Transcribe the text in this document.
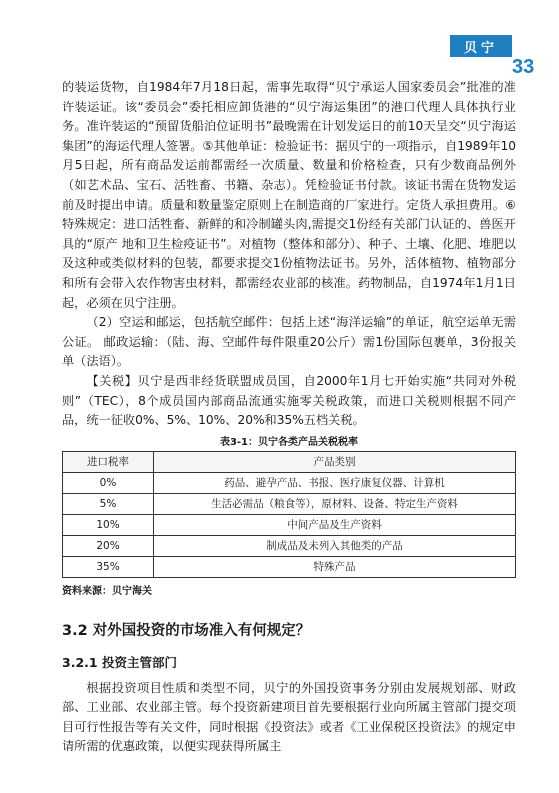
贝宁
33

的装运货物，自1984年7月18日起，需事先取得“贝宁承运人国家委员会”批准的准许装运证。该“委员会”委托相应卸货港的“贝宁海运集团”的港口代理人具体执行业务。准许装运的“预留货船泊位证明书”最晚需在计划发运日的前10天呈交“贝宁海运集团”的海运代理人签署。⑤其他单证：检验证书：据贝宁的一项指示，自1989年10月5日起，所有商品发运前都需经一次质量、数量和价格检查，只有少数商品例外（如艺术品、宝石、活牲畜、书籍、杂志）。凭检验证书付款。该证书需在货物发运前及时提出申请。质量和数量鉴定原则上在制造商的厂家进行。定货人承担费用。⑥特殊规定：进口活牲畜、新鲜的和冷制罐头肉,需提交1份经有关部门认证的、兽医开具的“原产 地和卫生检疫证书”。对植物（整体和部分）、种子、土壤、化肥、堆肥以及这种或类似材料的包装，都要求提交1份植物法证书。另外，活体植物、植物部分和所有会带入农作物害虫材料，都需经农业部的核准。药物制品，自1974年1月1日起，必须在贝宁注册。

（2）空运和邮运，包括航空邮件：包括上述“海洋运输”的单证，航空运单无需公证。 邮政运输：（陆、海、空邮件每件限重20公斤）需1份国际包裹单，3份报关单（法语）。

【关税】贝宁是西非经货联盟成员国，自2000年1月七开始实施“共同对外税则”（TEC），8个成员国内部商品流通实施零关税政策，而进口关税则根据不同产品，统一征收0%、5%、10%、20%和35%五档关税。

表3-1：贝宁各类产品关税税率
进口税率	产品类别
0%	药品、避孕产品、书报、医疗康复仪器、计算机
5%	生活必需品（粮食等），原材料、设备、特定生产资料
10%	中间产品及生产资料
20%	制成品及未列入其他类的产品
35%	特殊产品
资料来源：贝宁海关
3.2 对外国投资的市场准入有何规定？
3.2.1 投资主管部门

根据投资项目性质和类型不同，贝宁的外国投资事务分别由发展规划部、财政部、工业部、农业部主管。每个投资新建项目首先要根据行业向所属主管部门提交项目可行性报告等有关文件，同时根据《投资法》或者《工业保税区投资法》的规定申请所需的优惠政策，以便实现获得所属主
